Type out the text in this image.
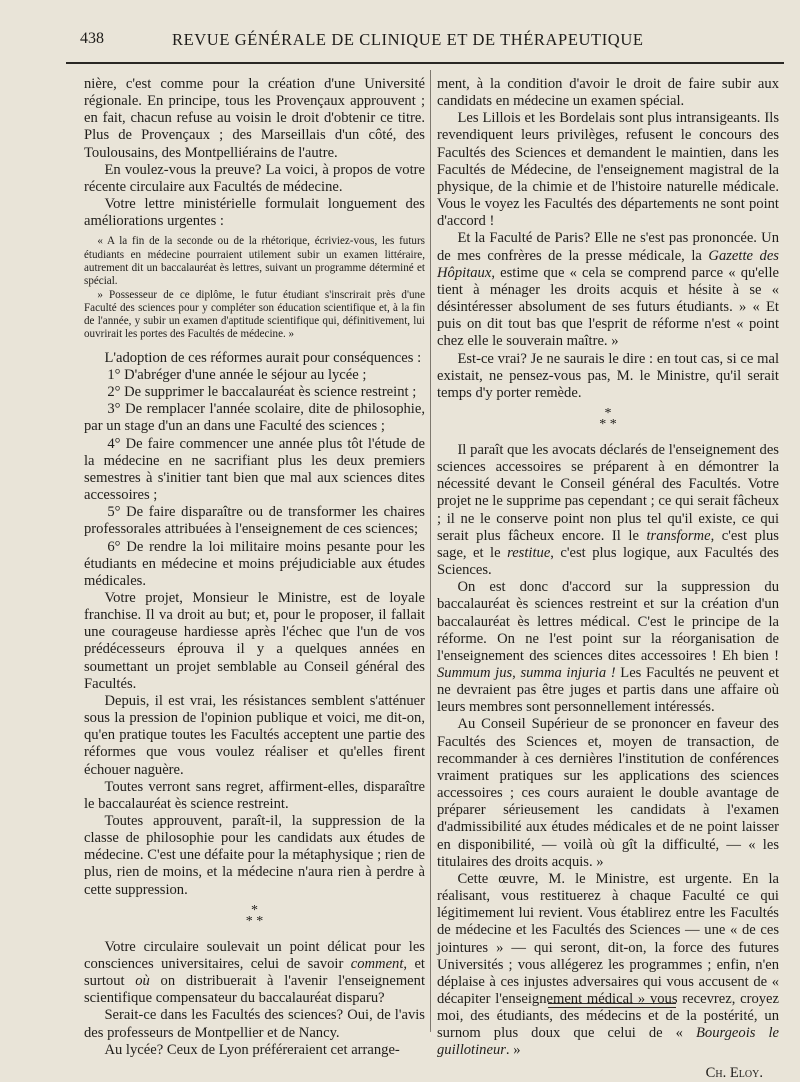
438	REVUE GÉNÉRALE DE CLINIQUE ET DE THÉRAPEUTIQUE

nière, c'est comme pour la création d'une Université régionale. En principe, tous les Provençaux approuvent ; en fait, chacun refuse au voisin le droit d'obtenir ce titre. Plus de Provençaux ; des Marseillais d'un côté, des Toulousains, des Montpelliérains de l'autre.

En voulez-vous la preuve? La voici, à propos de votre récente circulaire aux Facultés de médecine.

Votre lettre ministérielle formulait longuement des améliorations urgentes :

« A la fin de la seconde ou de la rhétorique, écriviez-vous, les futurs étudiants en médecine pourraient utilement subir un examen littéraire, autrement dit un baccalauréat ès lettres, suivant un programme déterminé et spécial.

» Possesseur de ce diplôme, le futur étudiant s'inscrirait près d'une Faculté des sciences pour y compléter son éducation scientifique et, à la fin de l'année, y subir un examen d'aptitude scientifique qui, définitivement, lui ouvrirait les portes des Facultés de médecine. »

L'adoption de ces réformes aurait pour conséquences :

1° D'abréger d'une année le séjour au lycée ;

2° De supprimer le baccalauréat ès science restreint ;

3° De remplacer l'année scolaire, dite de philosophie, par un stage d'un an dans une Faculté des sciences ;

4° De faire commencer une année plus tôt l'étude de la médecine en ne sacrifiant plus les deux premiers semestres à s'initier tant bien que mal aux sciences dites accessoires ;

5° De faire disparaître ou de transformer les chaires professorales attribuées à l'enseignement de ces sciences;

6° De rendre la loi militaire moins pesante pour les étudiants en médecine et moins préjudiciable aux études médicales.

Votre projet, Monsieur le Ministre, est de loyale franchise. Il va droit au but; et, pour le proposer, il fallait une courageuse hardiesse après l'échec que l'un de vos prédécesseurs éprouva il y a quelques années en soumettant un projet semblable au Conseil général des Facultés.

Depuis, il est vrai, les résistances semblent s'atténuer sous la pression de l'opinion publique et voici, me dit-on, qu'en pratique toutes les Facultés acceptent une partie des réformes que vous voulez réaliser et qu'elles firent échouer naguère.

Toutes verront sans regret, affirment-elles, disparaître le baccalauréat ès science restreint.

Toutes approuvent, paraît-il, la suppression de la classe de philosophie pour les candidats aux études de médecine. C'est une défaite pour la métaphysique ; rien de plus, rien de moins, et la médecine n'aura rien à perdre à cette suppression.

*
* *

Votre circulaire soulevait un point délicat pour les consciences universitaires, celui de savoir comment, et surtout où on distribuerait à l'avenir l'enseignement scientifique compensateur du baccalauréat disparu?

Serait-ce dans les Facultés des sciences? Oui, de l'avis des professeurs de Montpellier et de Nancy.

Au lycée? Ceux de Lyon préféreraient cet arrange-

ment, à la condition d'avoir le droit de faire subir aux candidats en médecine un examen spécial.

Les Lillois et les Bordelais sont plus intransigeants. Ils revendiquent leurs privilèges, refusent le concours des Facultés des Sciences et demandent le maintien, dans les Facultés de Médecine, de l'enseignement magistral de la physique, de la chimie et de l'histoire naturelle médicale. Vous le voyez les Facultés des départements ne sont point d'accord !

Et la Faculté de Paris? Elle ne s'est pas prononcée. Un de mes confrères de la presse médicale, la Gazette des Hôpitaux, estime que « cela se comprend parce « qu'elle tient à ménager les droits acquis et hésite à se « désintéresser absolument de ses futurs étudiants. » « Et puis on dit tout bas que l'esprit de réforme n'est « point chez elle le souverain maître. »

Est-ce vrai? Je ne saurais le dire : en tout cas, si ce mal existait, ne pensez-vous pas, M. le Ministre, qu'il serait temps d'y porter remède.

*
* *

Il paraît que les avocats déclarés de l'enseignement des sciences accessoires se préparent à en démontrer la nécessité devant le Conseil général des Facultés. Votre projet ne le supprime pas cependant ; ce qui serait fâcheux ; il ne le conserve point non plus tel qu'il existe, ce qui serait plus fâcheux encore. Il le transforme, c'est plus sage, et le restitue, c'est plus logique, aux Facultés des Sciences.

On est donc d'accord sur la suppression du baccalauréat ès sciences restreint et sur la création d'un baccalauréat ès lettres médical. C'est le principe de la réforme. On ne l'est point sur la réorganisation de l'enseignement des sciences dites accessoires ! Eh bien ! Summum jus, summa injuria ! Les Facultés ne peuvent et ne devraient pas être juges et partis dans une affaire où leurs membres sont personnellement intéressés.

Au Conseil Supérieur de se prononcer en faveur des Facultés des Sciences et, moyen de transaction, de recommander à ces dernières l'institution de conférences vraiment pratiques sur les applications des sciences accessoires ; ces cours auraient le double avantage de préparer sérieusement les candidats à l'examen d'admissibilité aux études médicales et de ne point laisser en disponibilité, — voilà où gît la difficulté, — « les titulaires des droits acquis. »

Cette œuvre, M. le Ministre, est urgente. En la réalisant, vous restituerez à chaque Faculté ce qui légitimement lui revient. Vous établirez entre les Facultés de médecine et les Facultés des Sciences — une « de ces jointures » — qui seront, dit-on, la force des futures Universités ; vous allégerez les programmes ; enfin, n'en déplaise à ces injustes adversaires qui vous accusent de « décapiter l'enseignement médical » vous recevrez, croyez moi, des étudiants, des médecins et de la postérité, un surnom plus doux que celui de « Bourgeois le guillotineur. »

Ch. Eloy.
